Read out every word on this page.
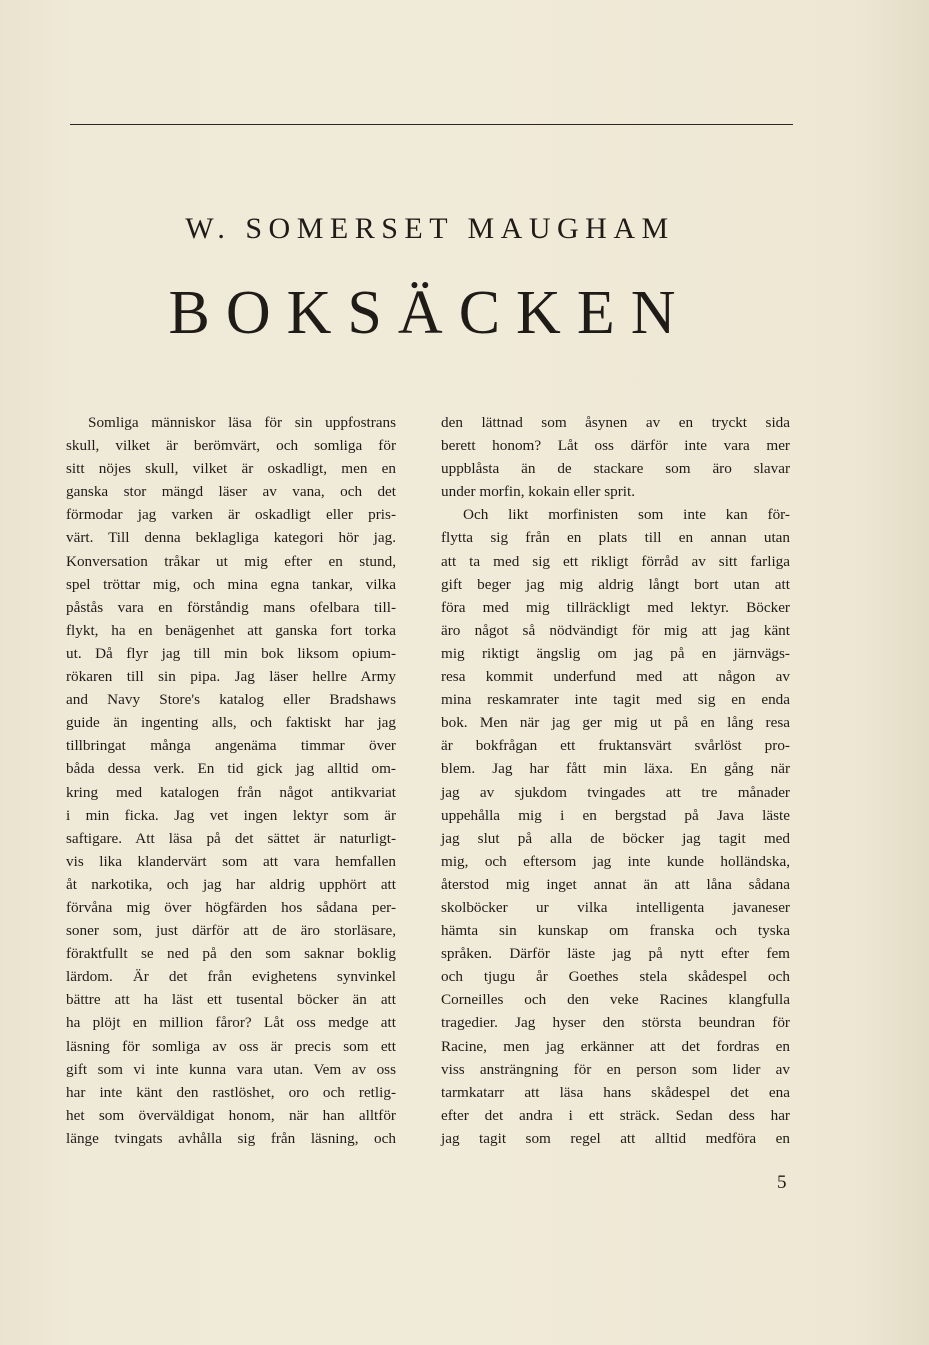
W. SOMERSET MAUGHAM
BOKSÄCKEN
Somliga människor läsa för sin uppfostrans
skull, vilket är berömvärt, och somliga för
sitt nöjes skull, vilket är oskadligt, men en
ganska stor mängd läser av vana, och det
förmodar jag varken är oskadligt eller pris-
värt. Till denna beklagliga kategori hör jag.
Konversation tråkar ut mig efter en stund,
spel tröttar mig, och mina egna tankar, vilka
påstås vara en förståndig mans ofelbara till-
flykt, ha en benägenhet att ganska fort torka
ut. Då flyr jag till min bok liksom opium-
rökaren till sin pipa. Jag läser hellre Army
and Navy Store's katalog eller Bradshaws
guide än ingenting alls, och faktiskt har jag
tillbringat många angenäma timmar över
båda dessa verk. En tid gick jag alltid om-
kring med katalogen från något antikvariat
i min ficka. Jag vet ingen lektyr som är
saftigare. Att läsa på det sättet är naturligt-
vis lika klandervärt som att vara hemfallen
åt narkotika, och jag har aldrig upphört att
förvåna mig över högfärden hos sådana per-
soner som, just därför att de äro storläsare,
föraktfullt se ned på den som saknar boklig
lärdom. Är det från evighetens synvinkel
bättre att ha läst ett tusental böcker än att
ha plöjt en million fåror? Låt oss medge att
läsning för somliga av oss är precis som ett
gift som vi inte kunna vara utan. Vem av oss
har inte känt den rastlöshet, oro och retlig-
het som överväldigat honom, när han alltför
länge tvingats avhålla sig från läsning, och
den lättnad som åsynen av en tryckt sida
berett honom? Låt oss därför inte vara mer
uppblåsta än de stackare som äro slavar
under morfin, kokain eller sprit.
Och likt morfinisten som inte kan för-
flytta sig från en plats till en annan utan
att ta med sig ett rikligt förråd av sitt farliga
gift beger jag mig aldrig långt bort utan att
föra med mig tillräckligt med lektyr. Böcker
äro något så nödvändigt för mig att jag känt
mig riktigt ängslig om jag på en järnvägs-
resa kommit underfund med att någon av
mina reskamrater inte tagit med sig en enda
bok. Men när jag ger mig ut på en lång resa
är bokfrågan ett fruktansvärt svårlöst pro-
blem. Jag har fått min läxa. En gång när
jag av sjukdom tvingades att tre månader
uppehålla mig i en bergstad på Java läste
jag slut på alla de böcker jag tagit med
mig, och eftersom jag inte kunde holländska,
återstod mig inget annat än att låna sådana
skolböcker ur vilka intelligenta javaneser
hämta sin kunskap om franska och tyska
språken. Därför läste jag på nytt efter fem
och tjugu år Goethes stela skådespel och
Corneilles och den veke Racines klangfulla
tragedier. Jag hyser den största beundran för
Racine, men jag erkänner att det fordras en
viss ansträngning för en person som lider av
tarmkatarr att läsa hans skådespel det ena
efter det andra i ett sträck. Sedan dess har
jag tagit som regel att alltid medföra en
5
